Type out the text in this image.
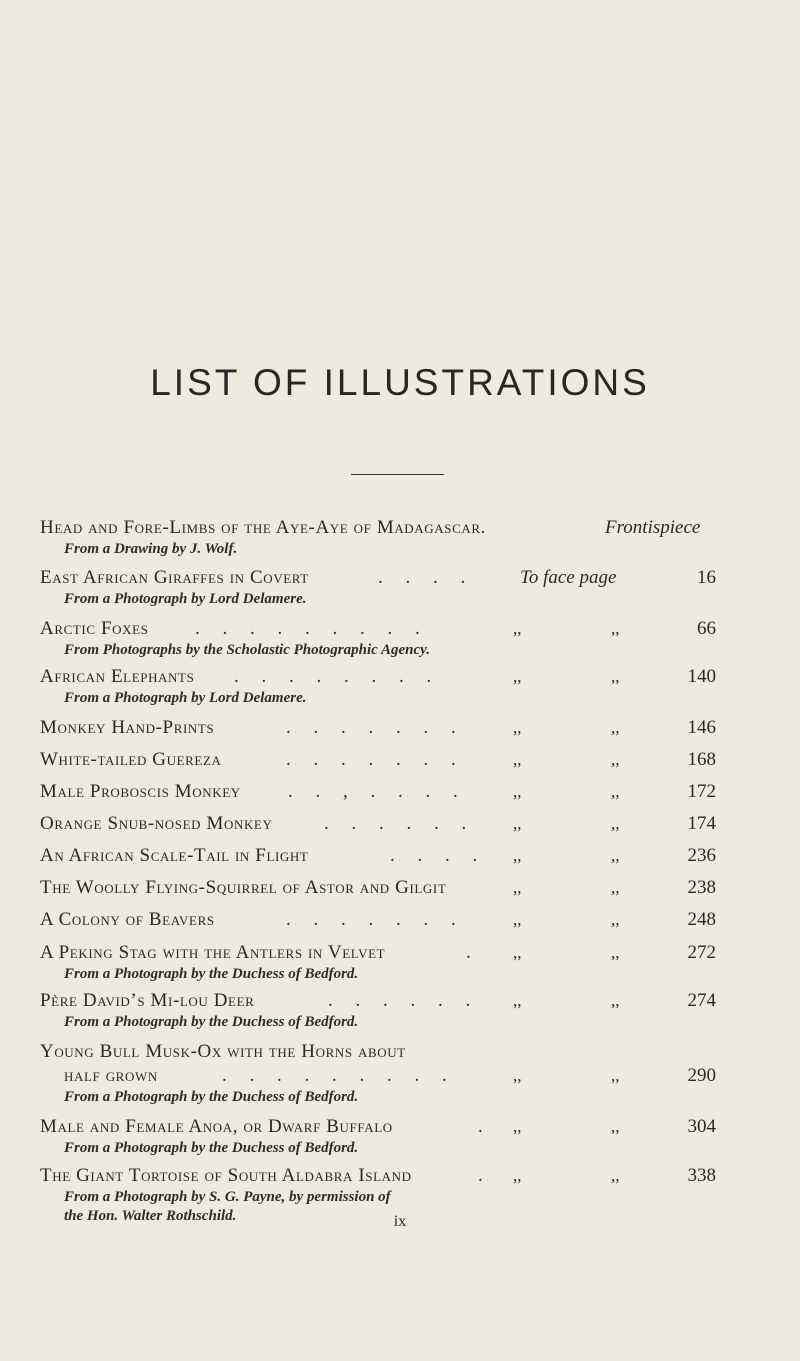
LIST OF ILLUSTRATIONS
Head and Fore-Limbs of the Aye-Aye of Madagascar.	Frontispiece
From a Drawing by J. Wolf.
East African Giraffes in Covert	. . . . To face page	16
From a Photograph by Lord Delamere.
Arctic Foxes . . . . . . . . .	,,	,,	66
From Photographs by the Scholastic Photographic Agency.
African Elephants . . . . . . . .	,,	,,	140
From a Photograph by Lord Delamere.
Monkey Hand-Prints	. . . . . . .	,,	,,	146
White-tailed Guereza	. . . . . . .	,,	,,	168
Male Proboscis Monkey . . , . . . .	,,	,,	172
Orange Snub-nosed Monkey	. . . . . . ,,	,,	174
An African Scale-Tail in Flight	. . . . ,,	,,	236
The Woolly Flying-Squirrel of Astor and Gilgit	,,	,,	238
A Colony of Beavers	. . . . . . .	,,	,,	248
A Peking Stag with the Antlers in Velvet	. ,,	,,	272
From a Photograph by the Duchess of Bedford.
Père David’s Mi-lou Deer	. . . . . . ,,	,,	274
From a Photograph by the Duchess of Bedford.
Young Bull Musk-Ox with the Horns about
half grown	. . . . . . . . .	,,	,,	290
From a Photograph by the Duchess of Bedford.
Male and Female Anoa, or Dwarf Buffalo	. ,,	,,	304
From a Photograph by the Duchess of Bedford.
The Giant Tortoise of South Aldabra Island	. ,,	,,	338
From a Photograph by S. G. Payne, by permission of
the Hon. Walter Rothschild.	ix
